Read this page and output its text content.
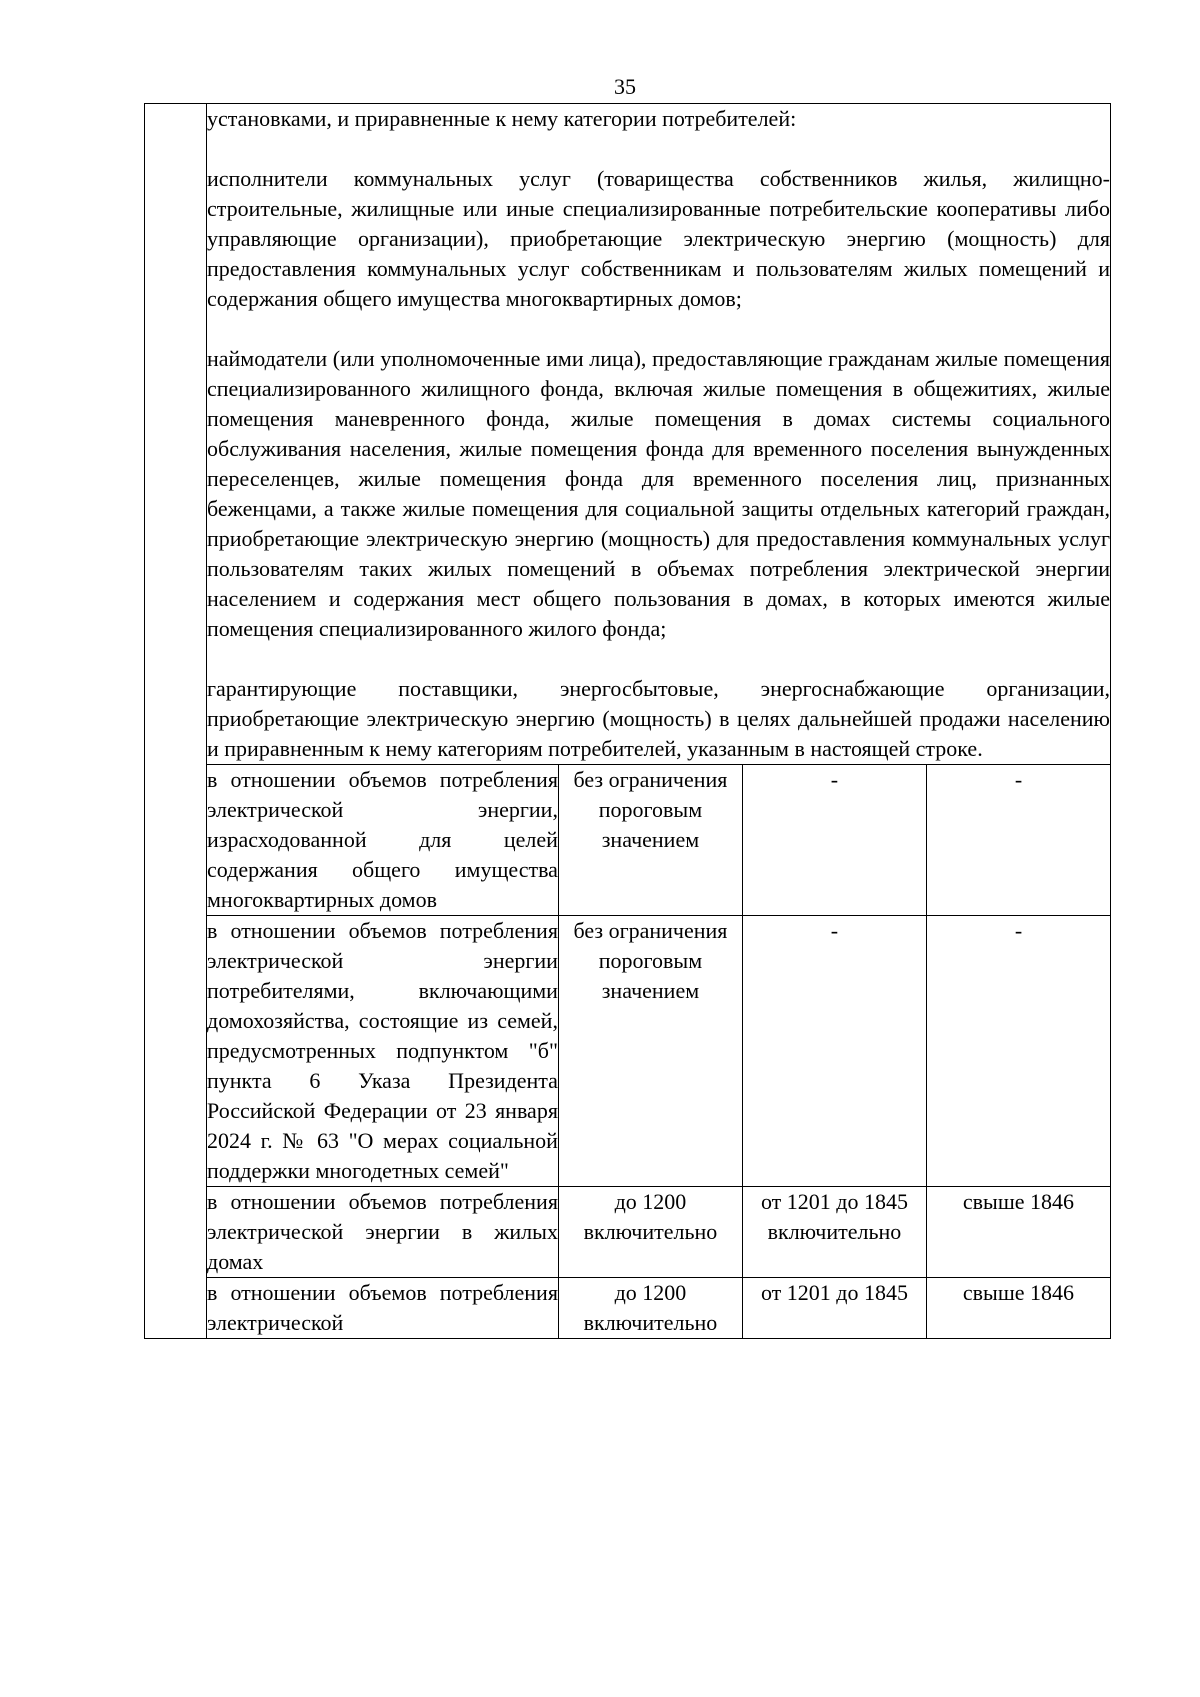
35

	установками, и приравненные к нему категории потребителей:

исполнители коммунальных услуг (товарищества собственников жилья, жилищно-строительные, жилищные или иные специализированные потребительские кооперативы либо управляющие организации), приобретающие электрическую энергию (мощность) для предоставления коммунальных услуг собственникам и пользователям жилых помещений и содержания общего имущества многоквартирных домов;

наймодатели (или уполномоченные ими лица), предоставляющие гражданам жилые помещения специализированного жилищного фонда, включая жилые помещения в общежитиях, жилые помещения маневренного фонда, жилые помещения в домах системы социального обслуживания населения, жилые помещения фонда для временного поселения вынужденных переселенцев, жилые помещения фонда для временного поселения лиц, признанных беженцами, а также жилые помещения для социальной защиты отдельных категорий граждан, приобретающие электрическую энергию (мощность) для предоставления коммунальных услуг пользователям таких жилых помещений в объемах потребления электрической энергии населением и содержания мест общего пользования в домах, в которых имеются жилые помещения специализированного жилого фонда;

гарантирующие поставщики, энергосбытовые, энергоснабжающие организации, приобретающие электрическую энергию (мощность) в целях дальнейшей продажи населению и приравненным к нему категориям потребителей, указанным в настоящей строке.			

	в отношении объемов потребления электрической энергии, израсходованной для целей содержания общего имущества многоквартирных домов	без ограничения пороговым значением	-	-
	в отношении объемов потребления электрической энергии потребителями, включающими домохозяйства, состоящие из семей, предусмотренных подпунктом "б" пункта 6 Указа Президента Российской Федерации от 23 января 2024 г. № 63 "О мерах социальной поддержки многодетных семей"	без ограничения пороговым значением	-	-
	в отношении объемов потребления электрической энергии в жилых домах	до 1200 включительно	от 1201 до 1845 включительно	свыше 1846
	в отношении объемов потребления электрической	до 1200 включительно	от 1201 до 1845	свыше 1846
